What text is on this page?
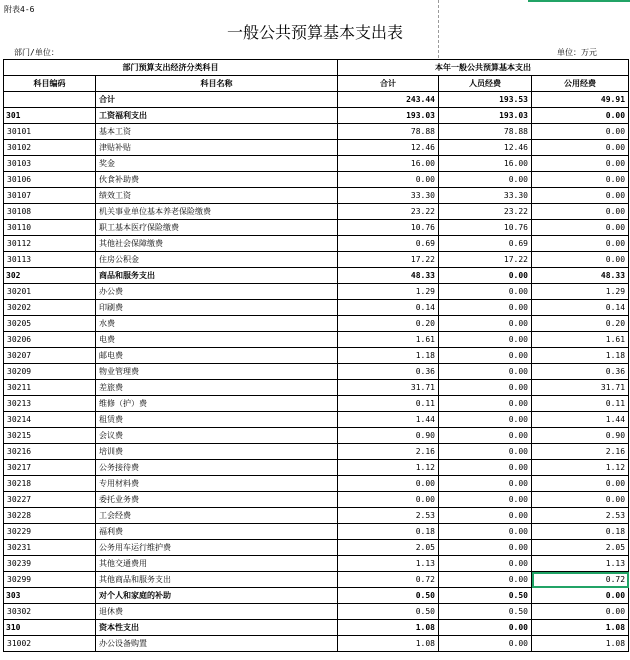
附表4-6
一般公共预算基本支出表
部门/单位：	单位：万元
部门预算支出经济分类科目		本年一般公共预算基本支出		
科目编码	科目名称	合计	人员经费	公用经费
	合计	243.44	193.53	49.91
301	工资福利支出	193.03	193.03	0.00
30101	基本工资	78.88	78.88	0.00
30102	津贴补贴	12.46	12.46	0.00
30103	奖金	16.00	16.00	0.00
30106	伙食补助费	0.00	0.00	0.00
30107	绩效工资	33.30	33.30	0.00
30108	机关事业单位基本养老保险缴费	23.22	23.22	0.00
30110	职工基本医疗保险缴费	10.76	10.76	0.00
30112	其他社会保障缴费	0.69	0.69	0.00
30113	住房公积金	17.22	17.22	0.00
302	商品和服务支出	48.33	0.00	48.33
30201	办公费	1.29	0.00	1.29
30202	印刷费	0.14	0.00	0.14
30205	水费	0.20	0.00	0.20
30206	电费	1.61	0.00	1.61
30207	邮电费	1.18	0.00	1.18
30209	物业管理费	0.36	0.00	0.36
30211	差旅费	31.71	0.00	31.71
30213	维修（护）费	0.11	0.00	0.11
30214	租赁费	1.44	0.00	1.44
30215	会议费	0.90	0.00	0.90
30216	培训费	2.16	0.00	2.16
30217	公务接待费	1.12	0.00	1.12
30218	专用材料费	0.00	0.00	0.00
30227	委托业务费	0.00	0.00	0.00
30228	工会经费	2.53	0.00	2.53
30229	福利费	0.18	0.00	0.18
30231	公务用车运行维护费	2.05	0.00	2.05
30239	其他交通费用	1.13	0.00	1.13
30299	其他商品和服务支出	0.72	0.00	0.72
303	对个人和家庭的补助	0.50	0.50	0.00
30302	退休费	0.50	0.50	0.00
310	资本性支出	1.08	0.00	1.08
31002	办公设备购置	1.08	0.00	1.08
